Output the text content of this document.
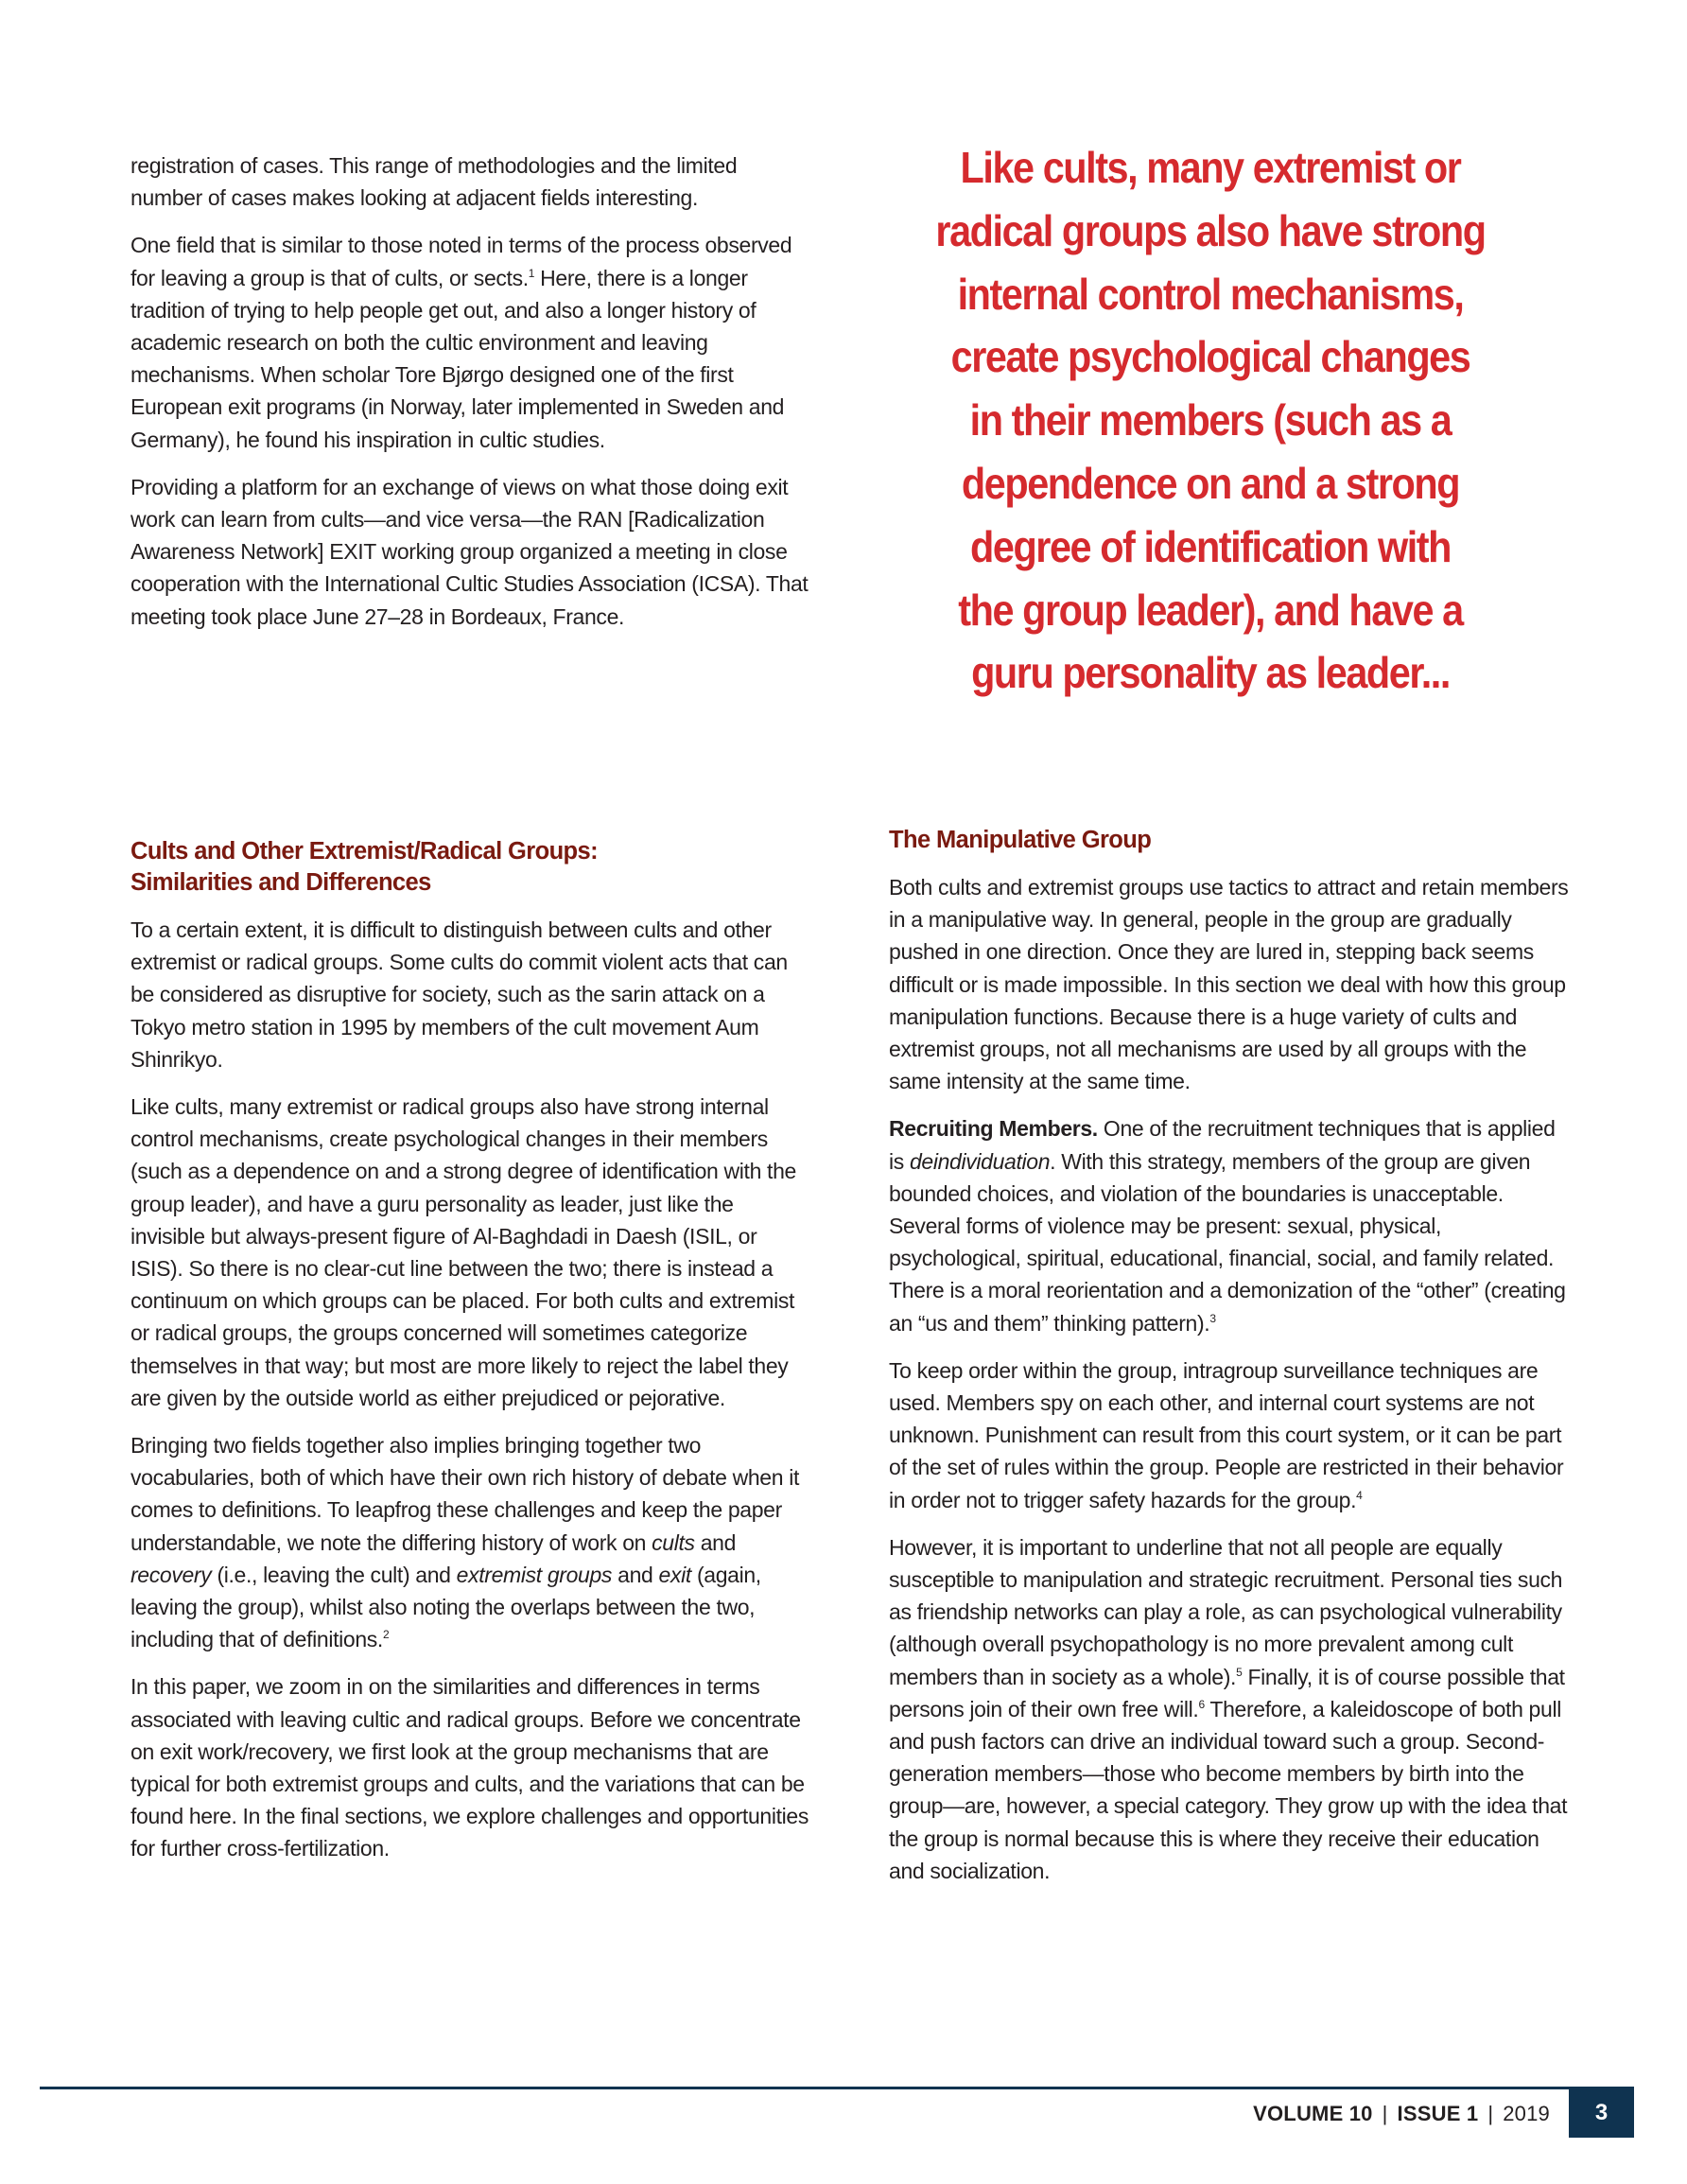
registration of cases. This range of methodologies and the limited number of cases makes looking at adjacent fields interesting.

One field that is similar to those noted in terms of the process observed for leaving a group is that of cults, or sects.$^1$ Here, there is a longer tradition of trying to help people get out, and also a longer history of academic research on both the cultic environment and leaving mechanisms. When scholar Tore Bjørgo designed one of the first European exit programs (in Norway, later implemented in Sweden and Germany), he found his inspiration in cultic studies.

Providing a platform for an exchange of views on what those doing exit work can learn from cults—and vice versa—the RAN [Radicalization Awareness Network] EXIT working group organized a meeting in close cooperation with the International Cultic Studies Association (ICSA). That meeting took place June 27–28 in Bordeaux, France.

Like cults, many extremist or
radical groups also have strong
internal control mechanisms,
create psychological changes
in their members (such as a
dependence on and a strong
degree of identification with
the group leader), and have a
guru personality as leader...
Cults and Other Extremist/Radical Groups:
Similarities and Differences

To a certain extent, it is difficult to distinguish between cults and other extremist or radical groups. Some cults do commit violent acts that can be considered as disruptive for society, such as the sarin attack on a Tokyo metro station in 1995 by members of the cult movement Aum Shinrikyo.

Like cults, many extremist or radical groups also have strong internal control mechanisms, create psychological changes in their members (such as a dependence on and a strong degree of identification with the group leader), and have a guru personality as leader, just like the invisible but always-present figure of Al-Baghdadi in Daesh (ISIL, or ISIS). So there is no clear-cut line between the two; there is instead a continuum on which groups can be placed. For both cults and extremist or radical groups, the groups concerned will sometimes categorize themselves in that way; but most are more likely to reject the label they are given by the outside world as either prejudiced or pejorative.

Bringing two fields together also implies bringing together two vocabularies, both of which have their own rich history of debate when it comes to definitions. To leapfrog these challenges and keep the paper understandable, we note the differing history of work on cults and recovery (i.e., leaving the cult) and extremist groups and exit (again, leaving the group), whilst also noting the overlaps between the two, including that of definitions.$^2$

In this paper, we zoom in on the similarities and differences in terms associated with leaving cultic and radical groups. Before we concentrate on exit work/recovery, we first look at the group mechanisms that are typical for both extremist groups and cults, and the variations that can be found here. In the final sections, we explore challenges and opportunities for further cross-fertilization.

The Manipulative Group

Both cults and extremist groups use tactics to attract and retain members in a manipulative way. In general, people in the group are gradually pushed in one direction. Once they are lured in, stepping back seems difficult or is made impossible. In this section we deal with how this group manipulation functions. Because there is a huge variety of cults and extremist groups, not all mechanisms are used by all groups with the same intensity at the same time.

Recruiting Members. One of the recruitment techniques that is applied is deindividuation. With this strategy, members of the group are given bounded choices, and violation of the boundaries is unacceptable. Several forms of violence may be present: sexual, physical, psychological, spiritual, educational, financial, social, and family related. There is a moral reorientation and a demonization of the “other” (creating an “us and them” thinking pattern).$^3$

To keep order within the group, intragroup surveillance techniques are used. Members spy on each other, and internal court systems are not unknown. Punishment can result from this court system, or it can be part of the set of rules within the group. People are restricted in their behavior in order not to trigger safety hazards for the group.$^4$

However, it is important to underline that not all people are equally susceptible to manipulation and strategic recruitment. Personal ties such as friendship networks can play a role, as can psychological vulnerability (although overall psychopathology is no more prevalent among cult members than in society as a whole).$^5$ Finally, it is of course possible that persons join of their own free will.$^6$ Therefore, a kaleidoscope of both pull and push factors can drive an individual toward such a group. Second-generation members—those who become members by birth into the group—are, however, a special category. They grow up with the idea that the group is normal because this is where they receive their education and socialization.

VOLUME 10 | ISSUE 1 | 2019	3
